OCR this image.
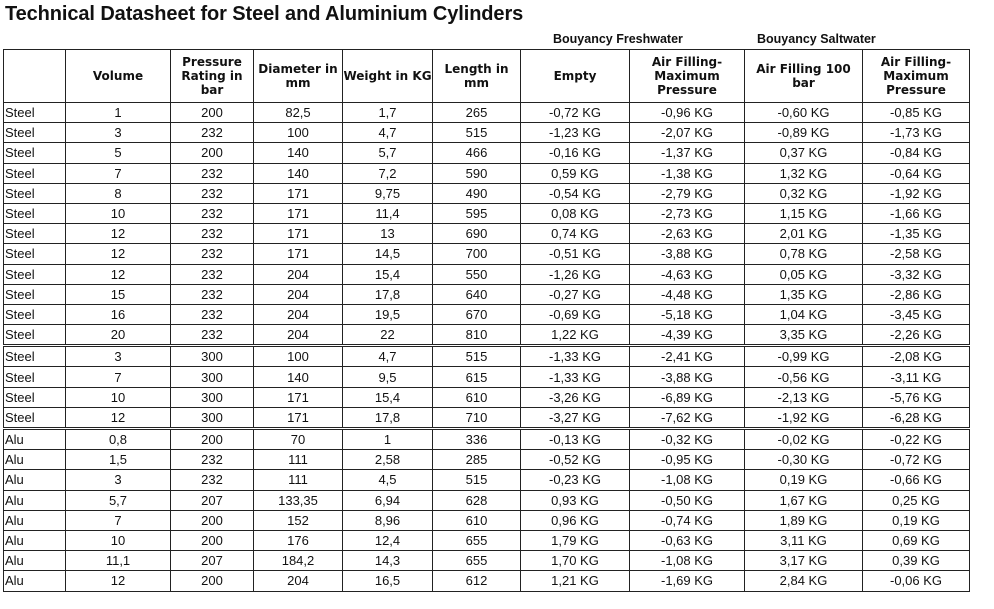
Technical Datasheet for Steel and Aluminium Cylinders
Bouyancy Freshwater	Bouyancy Saltwater
	Volume	Pressure Rating in bar	Diameter in mm	Weight in KG	Length in mm	Empty	Air Filling- Maximum Pressure	Air Filling 100 bar	Air Filling- Maximum Pressure
Steel	1	200	82,5	1,7	265	-0,72 KG	-0,96 KG	-0,60 KG	-0,85 KG
Steel	3	232	100	4,7	515	-1,23 KG	-2,07 KG	-0,89 KG	-1,73 KG
Steel	5	200	140	5,7	466	-0,16 KG	-1,37 KG	0,37 KG	-0,84 KG
Steel	7	232	140	7,2	590	0,59 KG	-1,38 KG	1,32 KG	-0,64 KG
Steel	8	232	171	9,75	490	-0,54 KG	-2,79 KG	0,32 KG	-1,92 KG
Steel	10	232	171	11,4	595	0,08 KG	-2,73 KG	1,15 KG	-1,66 KG
Steel	12	232	171	13	690	0,74 KG	-2,63 KG	2,01 KG	-1,35 KG
Steel	12	232	171	14,5	700	-0,51 KG	-3,88 KG	0,78 KG	-2,58 KG
Steel	12	232	204	15,4	550	-1,26 KG	-4,63 KG	0,05 KG	-3,32 KG
Steel	15	232	204	17,8	640	-0,27 KG	-4,48 KG	1,35 KG	-2,86 KG
Steel	16	232	204	19,5	670	-0,69 KG	-5,18 KG	1,04 KG	-3,45 KG
Steel	20	232	204	22	810	1,22 KG	-4,39 KG	3,35 KG	-2,26 KG
Steel	3	300	100	4,7	515	-1,33 KG	-2,41 KG	-0,99 KG	-2,08 KG
Steel	7	300	140	9,5	615	-1,33 KG	-3,88 KG	-0,56 KG	-3,11 KG
Steel	10	300	171	15,4	610	-3,26 KG	-6,89 KG	-2,13 KG	-5,76 KG
Steel	12	300	171	17,8	710	-3,27 KG	-7,62 KG	-1,92 KG	-6,28 KG
Alu	0,8	200	70	1	336	-0,13 KG	-0,32 KG	-0,02 KG	-0,22 KG
Alu	1,5	232	111	2,58	285	-0,52 KG	-0,95 KG	-0,30 KG	-0,72 KG
Alu	3	232	111	4,5	515	-0,23 KG	-1,08 KG	0,19 KG	-0,66 KG
Alu	5,7	207	133,35	6,94	628	0,93 KG	-0,50 KG	1,67 KG	0,25 KG
Alu	7	200	152	8,96	610	0,96 KG	-0,74 KG	1,89 KG	0,19 KG
Alu	10	200	176	12,4	655	1,79 KG	-0,63 KG	3,11 KG	0,69 KG
Alu	11,1	207	184,2	14,3	655	1,70 KG	-1,08 KG	3,17 KG	0,39 KG
Alu	12	200	204	16,5	612	1,21 KG	-1,69 KG	2,84 KG	-0,06 KG
